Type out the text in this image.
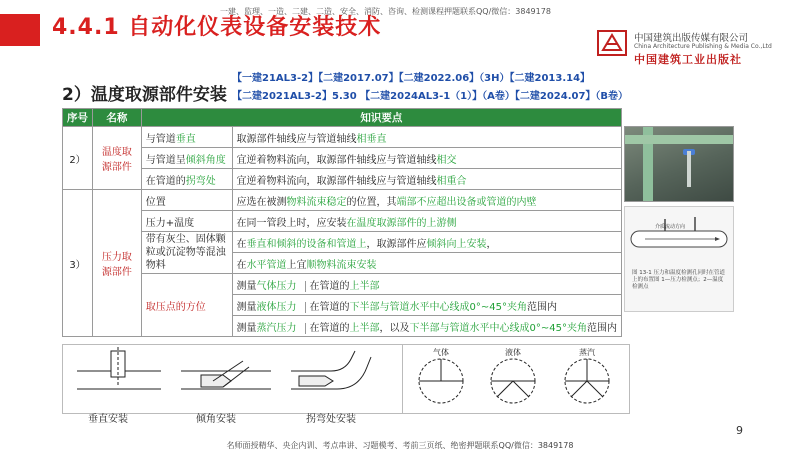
4.4.1 自动化仪表设备安装技术
一建、监理、一造、二建、二造、安全、消防、咨询、检测课程押题联系QQ/微信：3849178
中国建筑出版传媒有限公司
China Architecture Publishing & Media Co.,Ltd
中国建筑工业出版社
2）温度取源部件安装
【一建21AL3-2】【二建2017.07】【二建2022.06】（3H）【二建2013.14】
【二建2021AL3-2】5.30 【二建2024AL3-1（1）】（A卷）【二建2024.07】（B卷）
序号	名称	知识要点	
2）	温度取源部件	与管道垂直	取源部件轴线应与管道轴线相垂直
		与管道呈倾斜角度	宜逆着物料流向，取源部件轴线应与管道轴线相交
		在管道的拐弯处	宜逆着物料流向，取源部件轴线应与管道轴线相重合
3）	压力取源部件	位置	应选在被测物料流束稳定的位置，其端部不应超出设备或管道的内壁
		压力+温度	在同一管段上时，应安装在温度取源部件的上游侧
		带有灰尘、固体颗粒或沉淀物等混浊物料	在垂直和倾斜的设备和管道上，取源部件应倾斜向上安装，
			在水平管道上宜顺物料流束安装
		取压点的方位	测量气体压力 在管道的上半部
			测量液体压力 在管道的下半部与管道水平中心线成0°~45°夹角范围内
			测量蒸汽压力 在管道的上半部，以及下半部与管道水平中心线成0°~45°夹角范围内
介质流动方向
图 13-1 压力和温度检测孔同时在管道上的布置图 1—压力检测点；2—温度检测点
气体	液体	蒸汽
垂直安装	倾角安装	拐弯处安装
9
名师面授精华、央企内训、考点串讲、习题模考、考前三页纸、绝密押题联系QQ/微信：3849178
